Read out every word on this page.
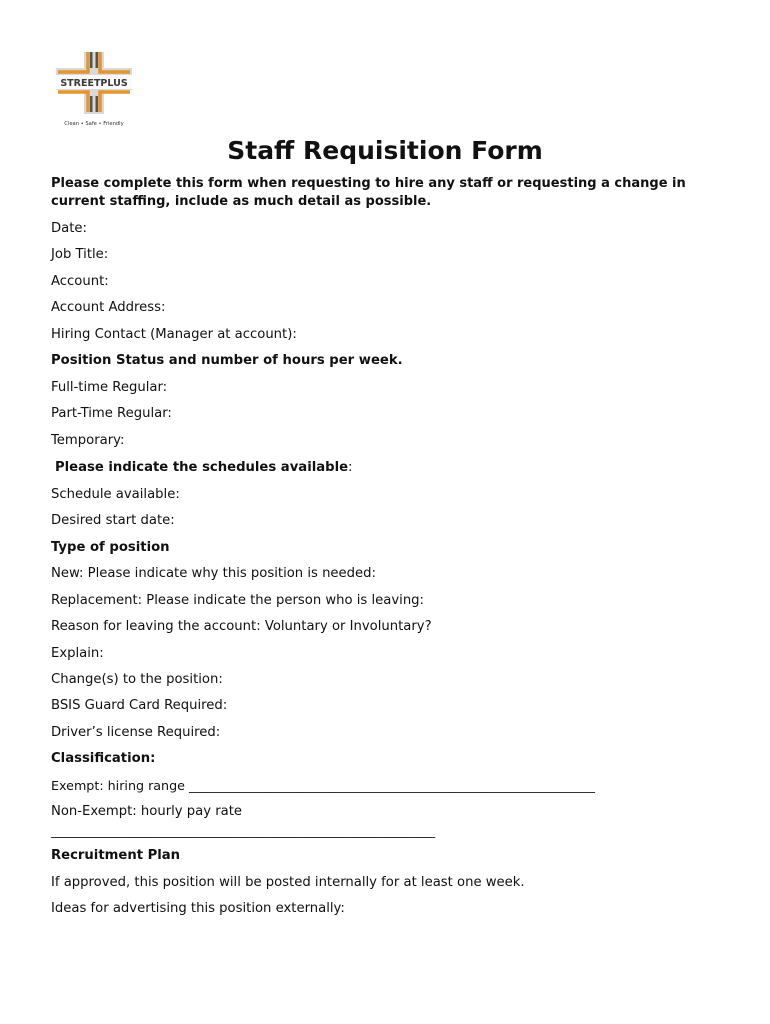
STREETPLUS
Clean • Safe • Friendly
Staff Requisition Form

Please complete this form when requesting to hire any staff or requesting a change in current staffing, include as much detail as possible.

Date:

Job Title:

Account:

Account Address:

Hiring Contact (Manager at account):

Position Status and number of hours per week.

Full-time Regular:

Part-Time Regular:

Temporary:

Please indicate the schedules available:

Schedule available:

Desired start date:

Type of position

New: Please indicate why this position is needed:

Replacement: Please indicate the person who is leaving:

Reason for leaving the account: Voluntary or Involuntary?

Explain:

Change(s) to the position:

BSIS Guard Card Required:

Driver’s license Required:

Classification:

Exempt: hiring range ________________________________________________________________

Non-Exempt: hourly pay rate

______________________________________________________________

Recruitment Plan

If approved, this position will be posted internally for at least one week.

Ideas for advertising this position externally:
